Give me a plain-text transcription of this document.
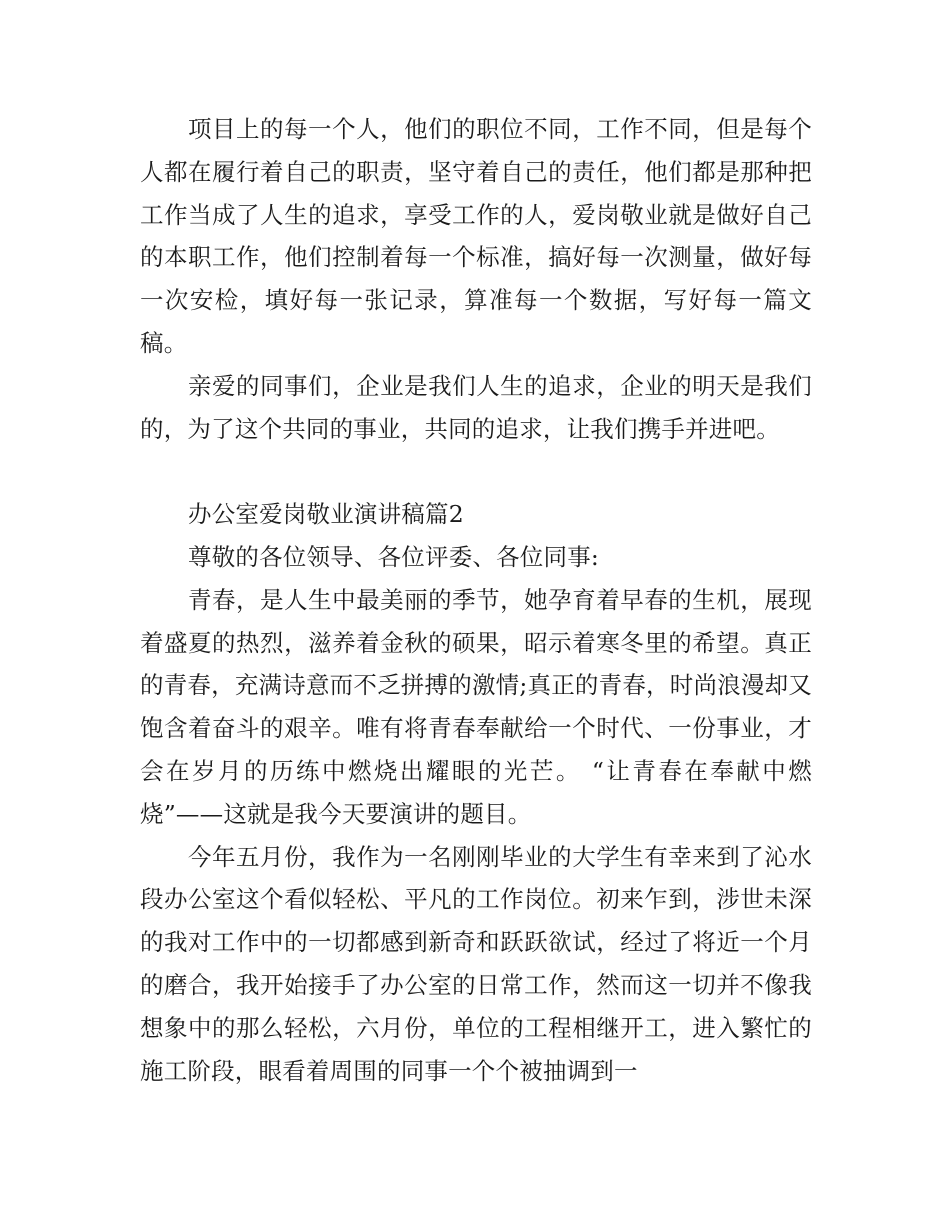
项目上的每一个人，他们的职位不同，工作不同，但是每个人都在履行着自己的职责，坚守着自己的责任，他们都是那种把工作当成了人生的追求，享受工作的人，爱岗敬业就是做好自己的本职工作，他们控制着每一个标准，搞好每一次测量，做好每一次安检，填好每一张记录，算准每一个数据，写好每一篇文稿。

亲爱的同事们，企业是我们人生的追求，企业的明天是我们的，为了这个共同的事业，共同的追求，让我们携手并进吧。

办公室爱岗敬业演讲稿篇2

尊敬的各位领导、各位评委、各位同事:

青春，是人生中最美丽的季节，她孕育着早春的生机，展现着盛夏的热烈，滋养着金秋的硕果，昭示着寒冬里的希望。真正的青春，充满诗意而不乏拼搏的激情;真正的青春，时尚浪漫却又饱含着奋斗的艰辛。唯有将青春奉献给一个时代、一份事业，才会在岁月的历练中燃烧出耀眼的光芒。 “让青春在奉献中燃烧”——这就是我今天要演讲的题目。

今年五月份，我作为一名刚刚毕业的大学生有幸来到了沁水段办公室这个看似轻松、平凡的工作岗位。初来乍到，涉世未深的我对工作中的一切都感到新奇和跃跃欲试，经过了将近一个月的磨合，我开始接手了办公室的日常工作，然而这一切并不像我想象中的那么轻松，六月份，单位的工程相继开工，进入繁忙的施工阶段，眼看着周围的同事一个个被抽调到一
